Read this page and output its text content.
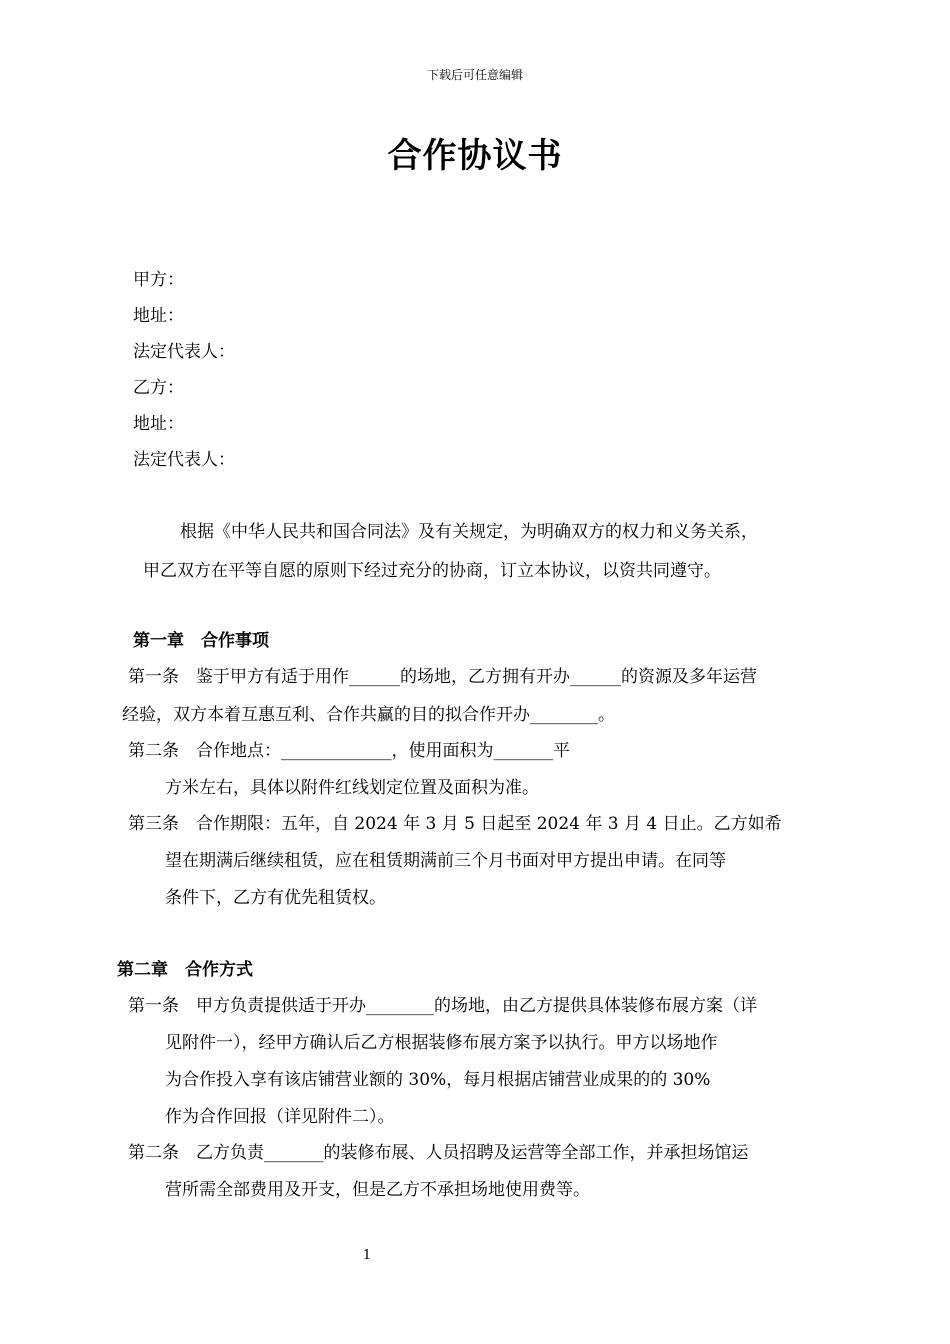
下载后可任意编辑
合作协议书
甲方：
地址：
法定代表人：
乙方：
地址：
法定代表人：
根据《中华人民共和国合同法》及有关规定，为明确双方的权力和义务关系，
甲乙双方在平等自愿的原则下经过充分的协商，订立本协议，以资共同遵守。
第一章　合作事项
第一条　鉴于甲方有适于用作______的场地，乙方拥有开办______的资源及多年运营
经验，双方本着互惠互利、合作共赢的目的拟合作开办________。
第二条　合作地点：_____________，使用面积为_______平
方米左右，具体以附件红线划定位置及面积为准。
第三条　合作期限：五年，自 2024 年 3 月 5 日起至 2024 年 3 月 4 日止。乙方如希
望在期满后继续租赁，应在租赁期满前三个月书面对甲方提出申请。在同等
条件下，乙方有优先租赁权。
第二章　合作方式
第一条　甲方负责提供适于开办________的场地，由乙方提供具体装修布展方案（详
见附件一），经甲方确认后乙方根据装修布展方案予以执行。甲方以场地作
为合作投入享有该店铺营业额的 30%，每月根据店铺营业成果的的 30%
作为合作回报（详见附件二）。
第二条　乙方负责_______的装修布展、人员招聘及运营等全部工作，并承担场馆运
营所需全部费用及开支，但是乙方不承担场地使用费等。
1
